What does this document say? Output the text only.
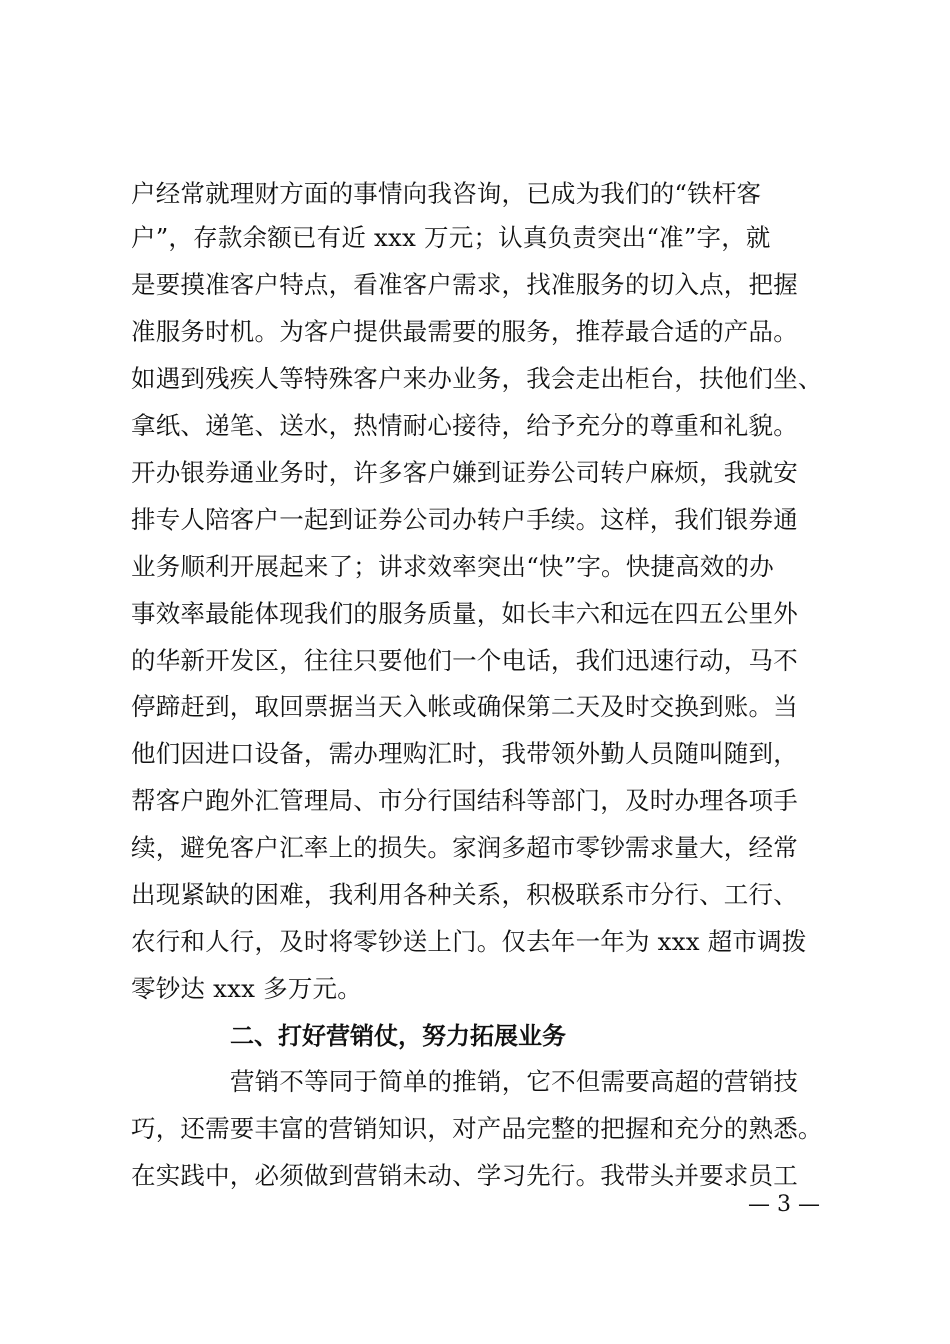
户经常就理财方面的事情向我咨询，已成为我们的“铁杆客
户”，存款余额已有近 xxx 万元；认真负责突出“准”字，就
是要摸准客户特点，看准客户需求，找准服务的切入点，把握
准服务时机。为客户提供最需要的服务，推荐最合适的产品。
如遇到残疾人等特殊客户来办业务，我会走出柜台，扶他们坐、
拿纸、递笔、送水，热情耐心接待，给予充分的尊重和礼貌。
开办银券通业务时，许多客户嫌到证券公司转户麻烦，我就安
排专人陪客户一起到证券公司办转户手续。这样，我们银券通
业务顺利开展起来了；讲求效率突出“快”字。快捷高效的办
事效率最能体现我们的服务质量，如长丰六和远在四五公里外
的华新开发区，往往只要他们一个电话，我们迅速行动，马不
停蹄赶到，取回票据当天入帐或确保第二天及时交换到账。当
他们因进口设备，需办理购汇时，我带领外勤人员随叫随到，
帮客户跑外汇管理局、市分行国结科等部门，及时办理各项手
续，避免客户汇率上的损失。家润多超市零钞需求量大，经常
出现紧缺的困难，我利用各种关系，积极联系市分行、工行、
农行和人行，及时将零钞送上门。仅去年一年为 xxx 超市调拨
零钞达 xxx 多万元。
二、打好营销仗，努力拓展业务
营销不等同于简单的推销，它不但需要高超的营销技
巧，还需要丰富的营销知识，对产品完整的把握和充分的熟悉。
在实践中，必须做到营销未动、学习先行。我带头并要求员工
— 3 —
